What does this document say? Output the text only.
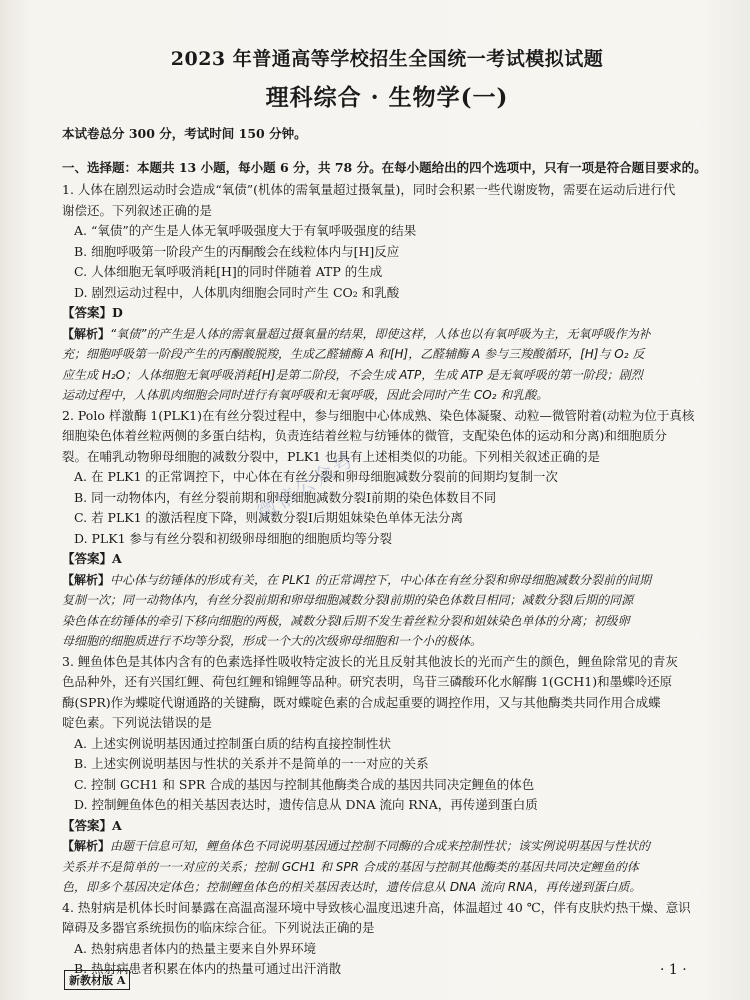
2023 年普通高等学校招生全国统一考试模拟试题
理科综合 · 生物学(一)
本试卷总分 300 分，考试时间 150 分钟。
一、选择题：本题共 13 小题，每小题 6 分，共 78 分。在每小题给出的四个选项中，只有一项是符合题目要求的。

1. 人体在剧烈运动时会造成“氧债”(机体的需氧量超过摄氧量)，同时会积累一些代谢废物，需要在运动后进行代

谢偿还。下列叙述正确的是

A. “氧债”的产生是人体无氧呼吸强度大于有氧呼吸强度的结果

B. 细胞呼吸第一阶段产生的丙酮酸会在线粒体内与[H]反应

C. 人体细胞无氧呼吸消耗[H]的同时伴随着 ATP 的生成

D. 剧烈运动过程中，人体肌肉细胞会同时产生 CO₂ 和乳酸

【答案】D

【解析】“氧债”的产生是人体的需氧量超过摄氧量的结果，即使这样，人体也以有氧呼吸为主，无氧呼吸作为补

充；细胞呼吸第一阶段产生的丙酮酸脱羧，生成乙醛辅酶 A 和[H]，乙醛辅酶 A 参与三羧酸循环，[H]与 O₂ 反

应生成 H₂O；人体细胞无氧呼吸消耗[H]是第二阶段，不会生成 ATP，生成 ATP 是无氧呼吸的第一阶段；剧烈

运动过程中，人体肌肉细胞会同时进行有氧呼吸和无氧呼吸，因此会同时产生 CO₂ 和乳酸。

2. Polo 样激酶 1(PLK1)在有丝分裂过程中，参与细胞中心体成熟、染色体凝聚、动粒—微管附着(动粒为位于真核

细胞染色体着丝粒两侧的多蛋白结构，负责连结着丝粒与纺锤体的微管，支配染色体的运动和分离)和细胞质分

裂。在哺乳动物卵母细胞的减数分裂中，PLK1 也具有上述相类似的功能。下列相关叙述正确的是

A. 在 PLK1 的正常调控下，中心体在有丝分裂和卵母细胞减数分裂前的间期均复制一次

B. 同一动物体内，有丝分裂前期和卵母细胞减数分裂Ⅰ前期的染色体数目不同

C. 若 PLK1 的激活程度下降，则减数分裂Ⅰ后期姐妹染色单体无法分离

D. PLK1 参与有丝分裂和初级卵母细胞的细胞质均等分裂

【答案】A

【解析】中心体与纺锤体的形成有关，在 PLK1 的正常调控下，中心体在有丝分裂和卵母细胞减数分裂前的间期

复制一次；同一动物体内，有丝分裂前期和卵母细胞减数分裂Ⅰ前期的染色体数目相同；减数分裂Ⅰ后期的同源

染色体在纺锤体的牵引下移向细胞的两极，减数分裂Ⅰ后期不发生着丝粒分裂和姐妹染色单体的分离；初级卵

母细胞的细胞质进行不均等分裂，形成一个大的次级卵母细胞和一个小的极体。

3. 鲤鱼体色是其体内含有的色素选择性吸收特定波长的光且反射其他波长的光而产生的颜色，鲤鱼除常见的青灰

色品种外，还有兴国红鲤、荷包红鲤和锦鲤等品种。研究表明，鸟苷三磷酸环化水解酶 1(GCH1)和墨蝶呤还原

酶(SPR)作为蝶啶代谢通路的关键酶，既对蝶啶色素的合成起重要的调控作用，又与其他酶类共同作用合成蝶

啶色素。下列说法错误的是

A. 上述实例说明基因通过控制蛋白质的结构直接控制性状

B. 上述实例说明基因与性状的关系并不是简单的一一对应的关系

C. 控制 GCH1 和 SPR 合成的基因与控制其他酶类合成的基因共同决定鲤鱼的体色

D. 控制鲤鱼体色的相关基因表达时，遗传信息从 DNA 流向 RNA，再传递到蛋白质

【答案】A

【解析】由题干信息可知，鲤鱼体色不同说明基因通过控制不同酶的合成来控制性状；该实例说明基因与性状的

关系并不是简单的一一对应的关系；控制 GCH1 和 SPR 合成的基因与控制其他酶类的基因共同决定鲤鱼的体

色，即多个基因决定体色；控制鲤鱼体色的相关基因表达时，遗传信息从 DNA 流向 RNA，再传递到蛋白质。

4. 热射病是机体长时间暴露在高温高湿环境中导致核心温度迅速升高，体温超过 40 ℃，伴有皮肤灼热干燥、意识

障碍及多器官系统损伤的临床综合征。下列说法正确的是

A. 热射病患者体内的热量主要来自外界环境

B. 热射病患者积累在体内的热量可通过出汗消散

微信公众号
新教材版 A
· 1 ·
